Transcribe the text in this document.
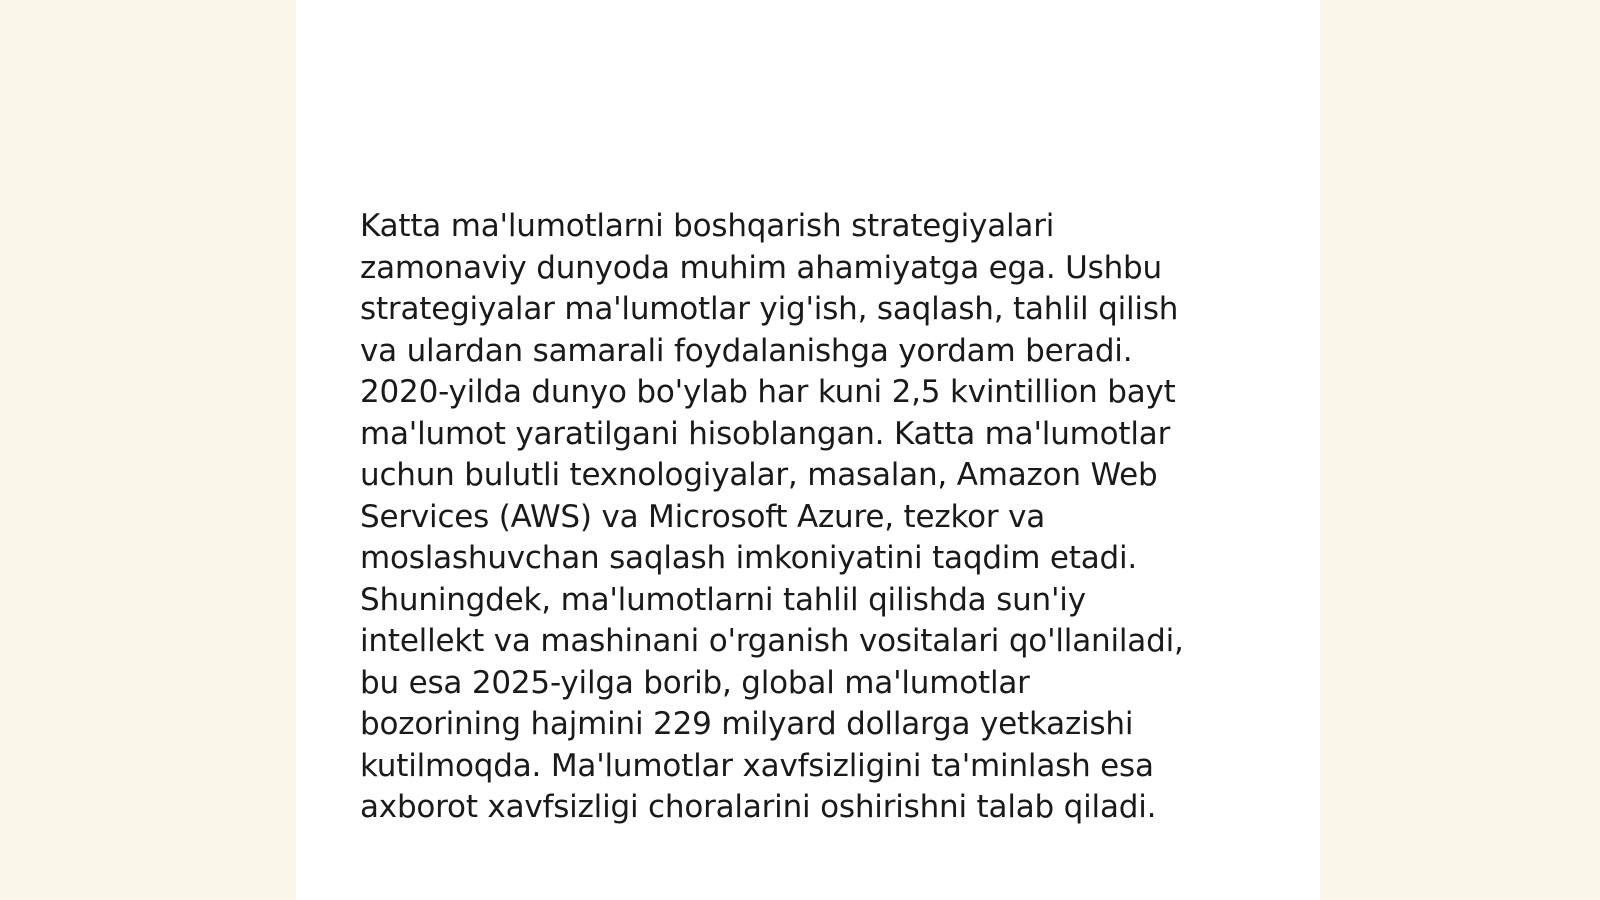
Katta ma'lumotlarni boshqarish strategiyalari
zamonaviy dunyoda muhim ahamiyatga ega. Ushbu
strategiyalar ma'lumotlar yig'ish, saqlash, tahlil qilish
va ulardan samarali foydalanishga yordam beradi.
2020-yilda dunyo bo'ylab har kuni 2,5 kvintillion bayt
ma'lumot yaratilgani hisoblangan. Katta ma'lumotlar
uchun bulutli texnologiyalar, masalan, Amazon Web
Services (AWS) va Microsoft Azure, tezkor va
moslashuvchan saqlash imkoniyatini taqdim etadi.
Shuningdek, ma'lumotlarni tahlil qilishda sun'iy
intellekt va mashinani o'rganish vositalari qo'llaniladi,
bu esa 2025-yilga borib, global ma'lumotlar
bozorining hajmini 229 milyard dollarga yetkazishi
kutilmoqda. Ma'lumotlar xavfsizligini ta'minlash esa
axborot xavfsizligi choralarini oshirishni talab qiladi.
